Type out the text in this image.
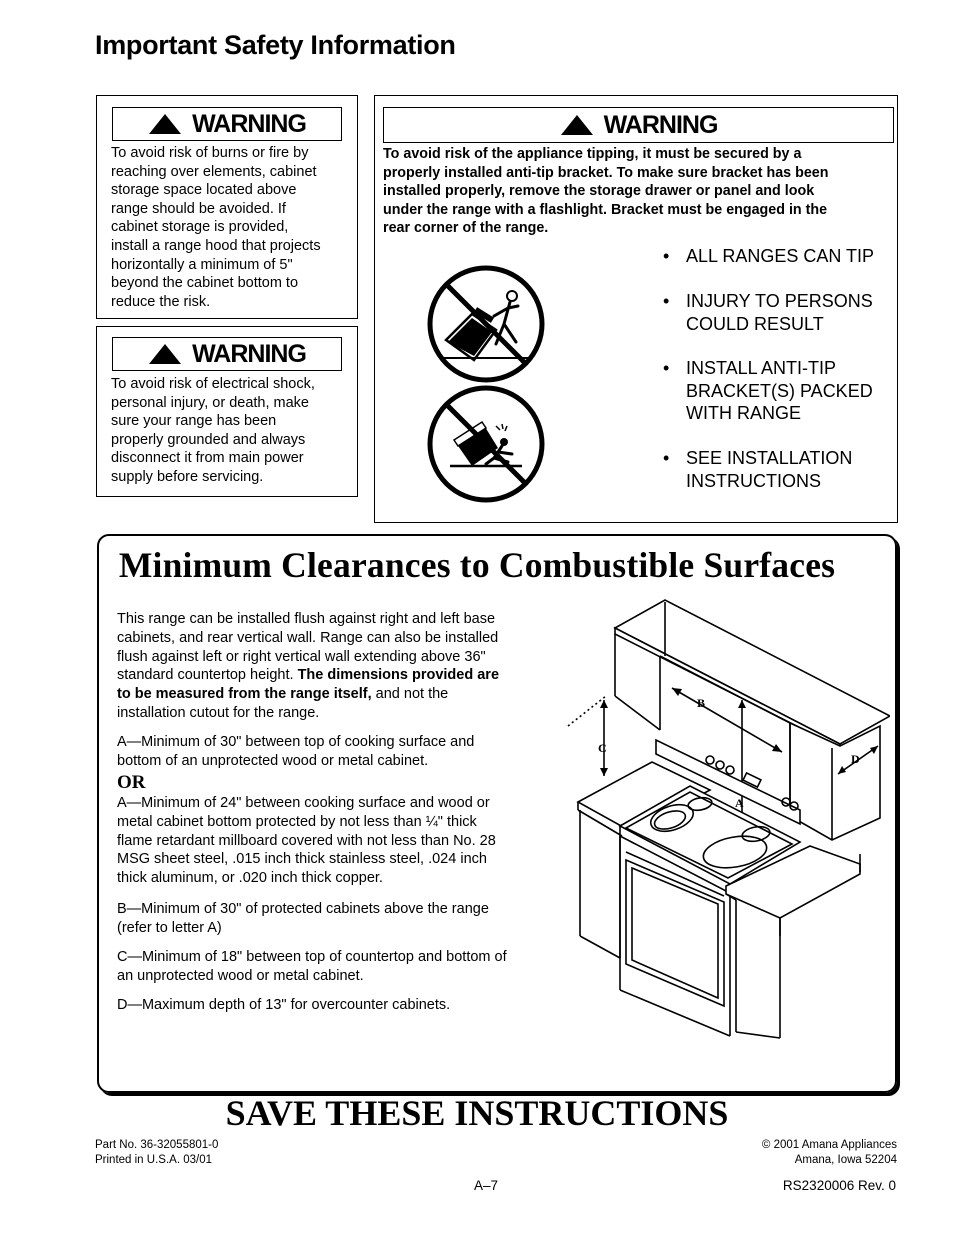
Important Safety Information
WARNING
To avoid risk of burns or fire by
reaching over elements, cabinet
storage space located above
range should be avoided. If
cabinet storage is provided,
install a range hood that projects
horizontally a minimum of 5"
beyond the cabinet bottom to
reduce the risk.
WARNING
To avoid risk of electrical shock,
personal injury, or death, make
sure your range has been
properly grounded and always
disconnect it from main power
supply before servicing.
WARNING
To avoid risk of the appliance tipping, it must be secured by a
properly installed anti-tip bracket. To make sure bracket has been
installed properly, remove the storage drawer or panel and look
under the range with a flashlight. Bracket must be engaged in the
rear corner of the range.
• ALL RANGES CAN TIP
• INJURY TO PERSONS
COULD RESULT
• INSTALL ANTI-TIP
BRACKET(S) PACKED
WITH RANGE
• SEE INSTALLATION
INSTRUCTIONS
Minimum Clearances to Combustible Surfaces
This range can be installed flush against right and left base
cabinets, and rear vertical wall. Range can also be installed
flush against left or right vertical wall extending above 36"
standard countertop height. The dimensions provided are
to be measured from the range itself, and not the
installation cutout for the range.
A—Minimum of 30" between top of cooking surface and
bottom of an unprotected wood or metal cabinet.
OR
A—Minimum of 24" between cooking surface and wood or
metal cabinet bottom protected by not less than ¼" thick
flame retardant millboard covered with not less than No. 28
MSG sheet steel, .015 inch thick stainless steel, .024 inch
thick aluminum, or .020 inch thick copper.
B—Minimum of 30" of protected cabinets above the range
(refer to letter A)
C—Minimum of 18" between top of countertop and bottom of
an unprotected wood or metal cabinet.
D—Maximum depth of 13" for overcounter cabinets.
B
C
D
A
SAVE THESE INSTRUCTIONS
Part No. 36-32055801-0
Printed in U.S.A. 03/01
© 2001 Amana Appliances
Amana, Iowa 52204
A–7	RS2320006 Rev. 0
